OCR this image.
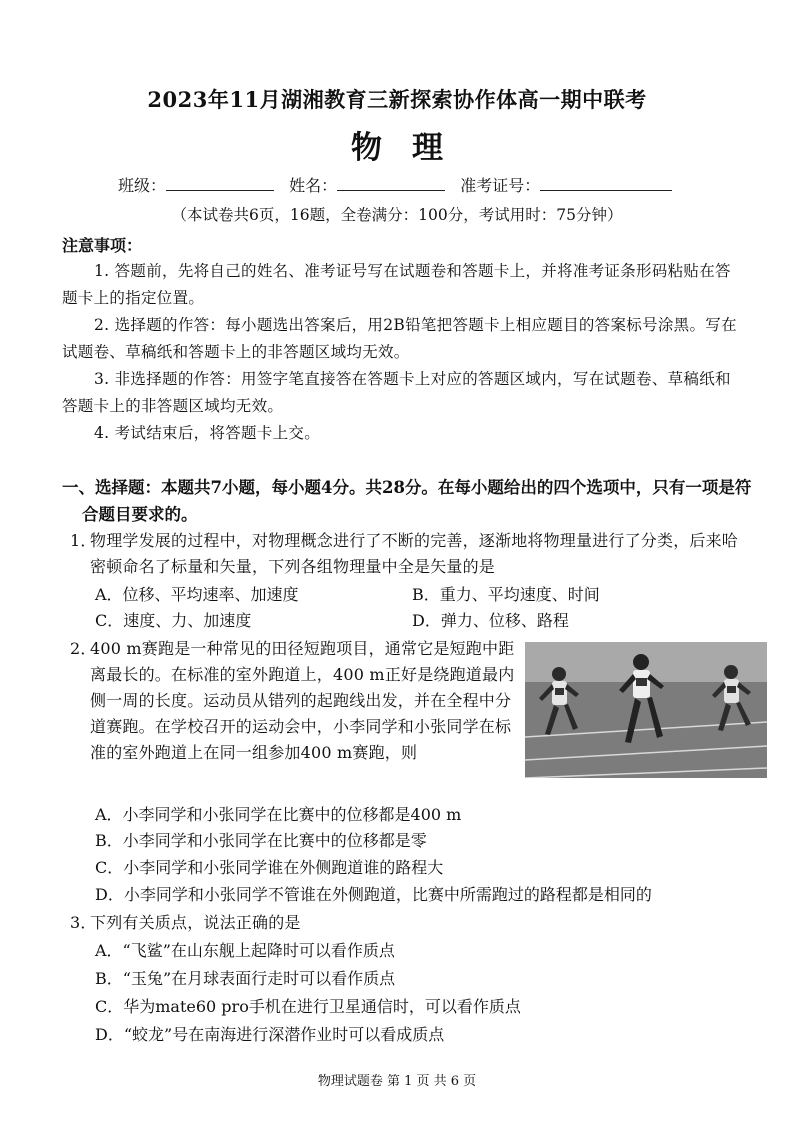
2023年11月湖湘教育三新探索协作体高一期中联考
物理
班级：	姓名：	准考证号：
（本试卷共6页，16题，全卷满分：100分，考试用时：75分钟）
注意事项：
1. 答题前，先将自己的姓名、准考证号写在试题卷和答题卡上，并将准考证条形码粘贴在答题卡上的指定位置。
2. 选择题的作答：每小题选出答案后，用2B铅笔把答题卡上相应题目的答案标号涂黑。写在试题卷、草稿纸和答题卡上的非答题区域均无效。
3. 非选择题的作答：用签字笔直接答在答题卡上对应的答题区域内，写在试题卷、草稿纸和答题卡上的非答题区域均无效。
4. 考试结束后，将答题卡上交。
一、选择题：本题共7小题，每小题4分。共28分。在每小题给出的四个选项中，只有一项是符合题目要求的。
1．
物理学发展的过程中，对物理概念进行了不断的完善，逐渐地将物理量进行了分类，后来哈密顿命名了标量和矢量，下列各组物理量中全是矢量的是
A．位移、平均速率、加速度	B．重力、平均速度、时间
C．速度、力、加速度	D．弹力、位移、路程
2．
400 m赛跑是一种常见的田径短跑项目，通常它是短跑中距离最长的。在标准的室外跑道上，400 m正好是绕跑道最内侧一周的长度。运动员从错列的起跑线出发，并在全程中分道赛跑。在学校召开的运动会中，小李同学和小张同学在标准的室外跑道上在同一组参加400 m赛跑，则
A．小李同学和小张同学在比赛中的位移都是400 m
B．小李同学和小张同学在比赛中的位移都是零
C．小李同学和小张同学谁在外侧跑道谁的路程大
D．小李同学和小张同学不管谁在外侧跑道，比赛中所需跑过的路程都是相同的
3．
下列有关质点，说法正确的是
A．“飞鲨”在山东舰上起降时可以看作质点
B．“玉兔”在月球表面行走时可以看作质点
C．华为mate60 pro手机在进行卫星通信时，可以看作质点
D．“蛟龙”号在南海进行深潜作业时可以看成质点
物理试题卷 第 1 页 共 6 页
